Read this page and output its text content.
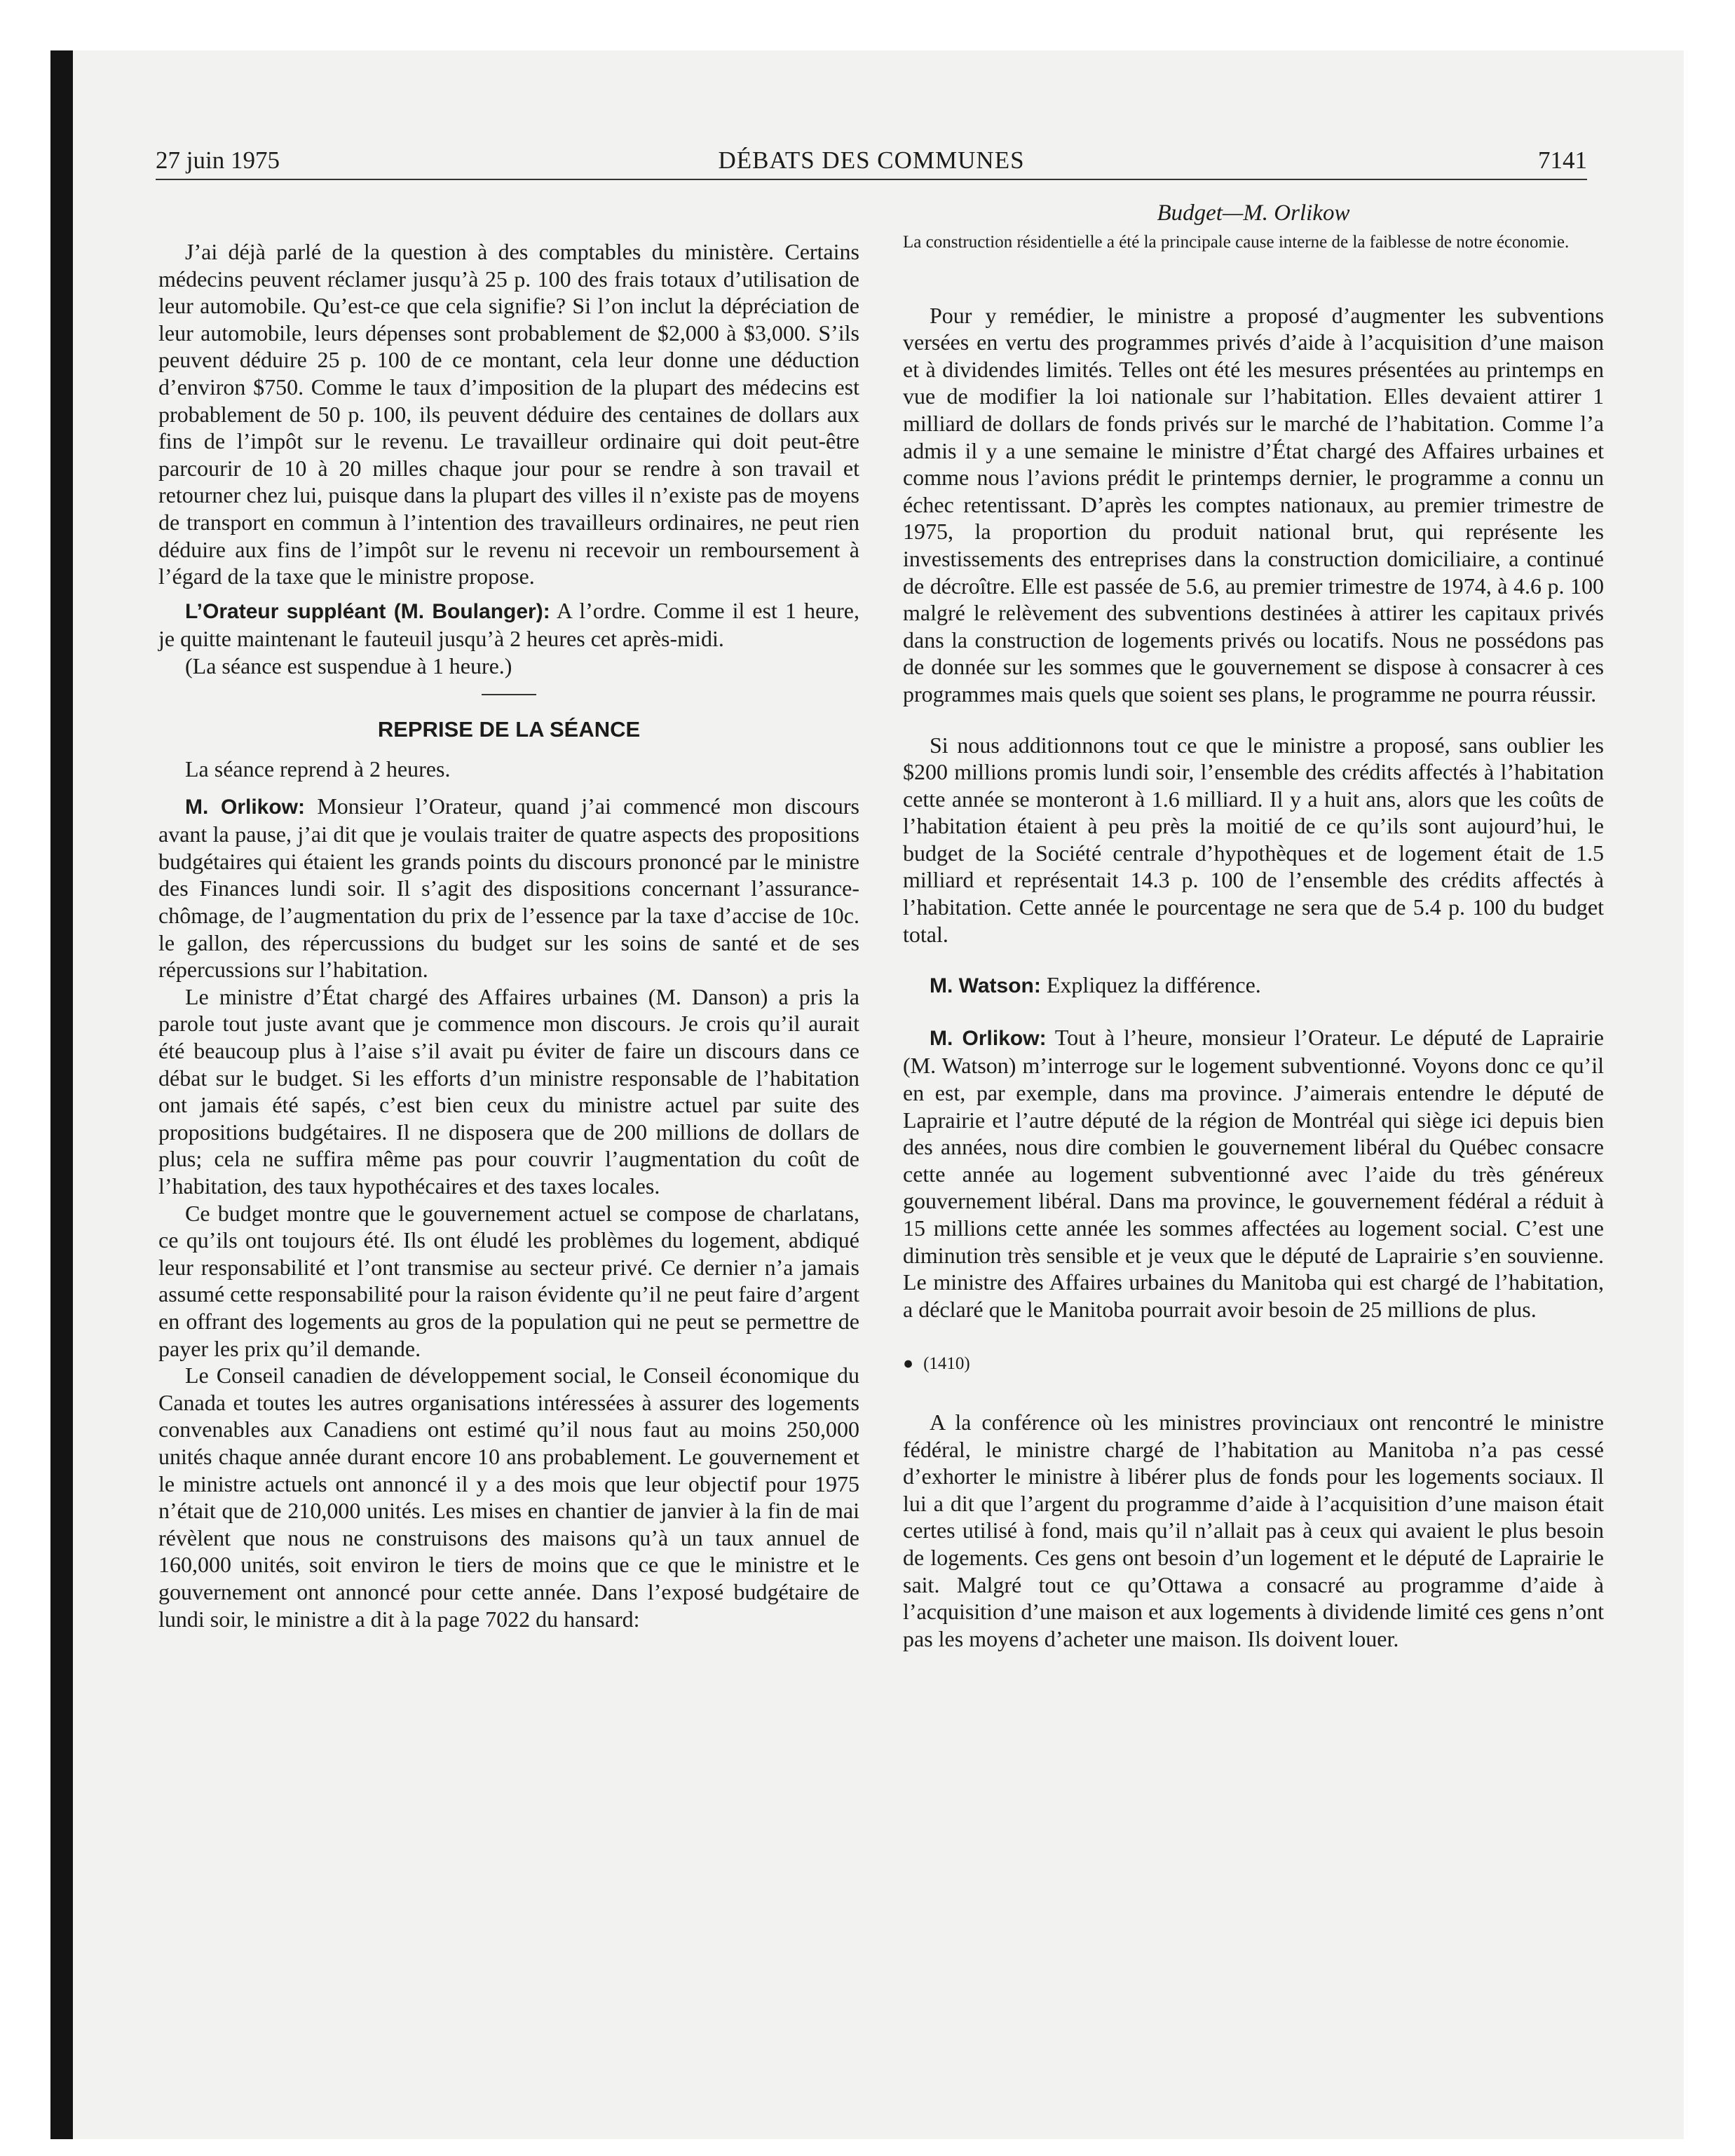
27 juin 1975	DÉBATS DES COMMUNES	7141

J’ai déjà parlé de la question à des comptables du ministère. Certains médecins peuvent réclamer jusqu’à 25 p. 100 des frais totaux d’utilisation de leur automobile. Qu’est-ce que cela signifie? Si l’on inclut la dépréciation de leur automobile, leurs dépenses sont probablement de $2,000 à $3,000. S’ils peuvent déduire 25 p. 100 de ce montant, cela leur donne une déduction d’environ $750. Comme le taux d’imposition de la plupart des médecins est probablement de 50 p. 100, ils peuvent déduire des centaines de dollars aux fins de l’impôt sur le revenu. Le travailleur ordinaire qui doit peut-être parcourir de 10 à 20 milles chaque jour pour se rendre à son travail et retourner chez lui, puisque dans la plupart des villes il n’existe pas de moyens de transport en commun à l’intention des travailleurs ordinaires, ne peut rien déduire aux fins de l’impôt sur le revenu ni recevoir un remboursement à l’égard de la taxe que le ministre propose.

L’Orateur suppléant (M. Boulanger): A l’ordre. Comme il est 1 heure, je quitte maintenant le fauteuil jusqu’à 2 heures cet après-midi.

(La séance est suspendue à 1 heure.)

REPRISE DE LA SÉANCE

La séance reprend à 2 heures.

M. Orlikow: Monsieur l’Orateur, quand j’ai commencé mon discours avant la pause, j’ai dit que je voulais traiter de quatre aspects des propositions budgétaires qui étaient les grands points du discours prononcé par le ministre des Finances lundi soir. Il s’agit des dispositions concernant l’assurance-chômage, de l’augmentation du prix de l’essence par la taxe d’accise de 10c. le gallon, des répercussions du budget sur les soins de santé et de ses répercussions sur l’habitation.

Le ministre d’État chargé des Affaires urbaines (M. Danson) a pris la parole tout juste avant que je commence mon discours. Je crois qu’il aurait été beaucoup plus à l’aise s’il avait pu éviter de faire un discours dans ce débat sur le budget. Si les efforts d’un ministre responsable de l’habitation ont jamais été sapés, c’est bien ceux du ministre actuel par suite des propositions budgétaires. Il ne disposera que de 200 millions de dollars de plus; cela ne suffira même pas pour couvrir l’augmentation du coût de l’habitation, des taux hypothécaires et des taxes locales.

Ce budget montre que le gouvernement actuel se compose de charlatans, ce qu’ils ont toujours été. Ils ont éludé les problèmes du logement, abdiqué leur responsabilité et l’ont transmise au secteur privé. Ce dernier n’a jamais assumé cette responsabilité pour la raison évidente qu’il ne peut faire d’argent en offrant des logements au gros de la population qui ne peut se permettre de payer les prix qu’il demande.

Le Conseil canadien de développement social, le Conseil économique du Canada et toutes les autres organisations intéressées à assurer des logements convenables aux Canadiens ont estimé qu’il nous faut au moins 250,000 unités chaque année durant encore 10 ans probablement. Le gouvernement et le ministre actuels ont annoncé il y a des mois que leur objectif pour 1975 n’était que de 210,000 unités. Les mises en chantier de janvier à la fin de mai révèlent que nous ne construisons des maisons qu’à un taux annuel de 160,000 unités, soit environ le tiers de moins que ce que le ministre et le gouvernement ont annoncé pour cette année. Dans l’exposé budgétaire de lundi soir, le ministre a dit à la page 7022 du hansard:

Budget—M. Orlikow

La construction résidentielle a été la principale cause interne de la faiblesse de notre économie.

Pour y remédier, le ministre a proposé d’augmenter les subventions versées en vertu des programmes privés d’aide à l’acquisition d’une maison et à dividendes limités. Telles ont été les mesures présentées au printemps en vue de modifier la loi nationale sur l’habitation. Elles devaient attirer 1 milliard de dollars de fonds privés sur le marché de l’habitation. Comme l’a admis il y a une semaine le ministre d’État chargé des Affaires urbaines et comme nous l’avions prédit le printemps dernier, le programme a connu un échec retentissant. D’après les comptes nationaux, au premier trimestre de 1975, la proportion du produit national brut, qui représente les investissements des entreprises dans la construction domiciliaire, a continué de décroître. Elle est passée de 5.6, au premier trimestre de 1974, à 4.6 p. 100 malgré le relèvement des subventions destinées à attirer les capitaux privés dans la construction de logements privés ou locatifs. Nous ne possédons pas de donnée sur les sommes que le gouvernement se dispose à consacrer à ces programmes mais quels que soient ses plans, le programme ne pourra réussir.

Si nous additionnons tout ce que le ministre a proposé, sans oublier les $200 millions promis lundi soir, l’ensemble des crédits affectés à l’habitation cette année se monteront à 1.6 milliard. Il y a huit ans, alors que les coûts de l’habitation étaient à peu près la moitié de ce qu’ils sont aujourd’hui, le budget de la Société centrale d’hypothèques et de logement était de 1.5 milliard et représentait 14.3 p. 100 de l’ensemble des crédits affectés à l’habitation. Cette année le pourcentage ne sera que de 5.4 p. 100 du budget total.

M. Watson: Expliquez la différence.

M. Orlikow: Tout à l’heure, monsieur l’Orateur. Le député de Laprairie (M. Watson) m’interroge sur le logement subventionné. Voyons donc ce qu’il en est, par exemple, dans ma province. J’aimerais entendre le député de Laprairie et l’autre député de la région de Montréal qui siège ici depuis bien des années, nous dire combien le gouvernement libéral du Québec consacre cette année au logement subventionné avec l’aide du très généreux gouvernement libéral. Dans ma province, le gouvernement fédéral a réduit à 15 millions cette année les sommes affectées au logement social. C’est une diminution très sensible et je veux que le député de Laprairie s’en souvienne. Le ministre des Affaires urbaines du Manitoba qui est chargé de l’habitation, a déclaré que le Manitoba pourrait avoir besoin de 25 millions de plus.

● (1410)

A la conférence où les ministres provinciaux ont rencontré le ministre fédéral, le ministre chargé de l’habitation au Manitoba n’a pas cessé d’exhorter le ministre à libérer plus de fonds pour les logements sociaux. Il lui a dit que l’argent du programme d’aide à l’acquisition d’une maison était certes utilisé à fond, mais qu’il n’allait pas à ceux qui avaient le plus besoin de logements. Ces gens ont besoin d’un logement et le député de Laprairie le sait. Malgré tout ce qu’Ottawa a consacré au programme d’aide à l’acquisition d’une maison et aux logements à dividende limité ces gens n’ont pas les moyens d’acheter une maison. Ils doivent louer.
